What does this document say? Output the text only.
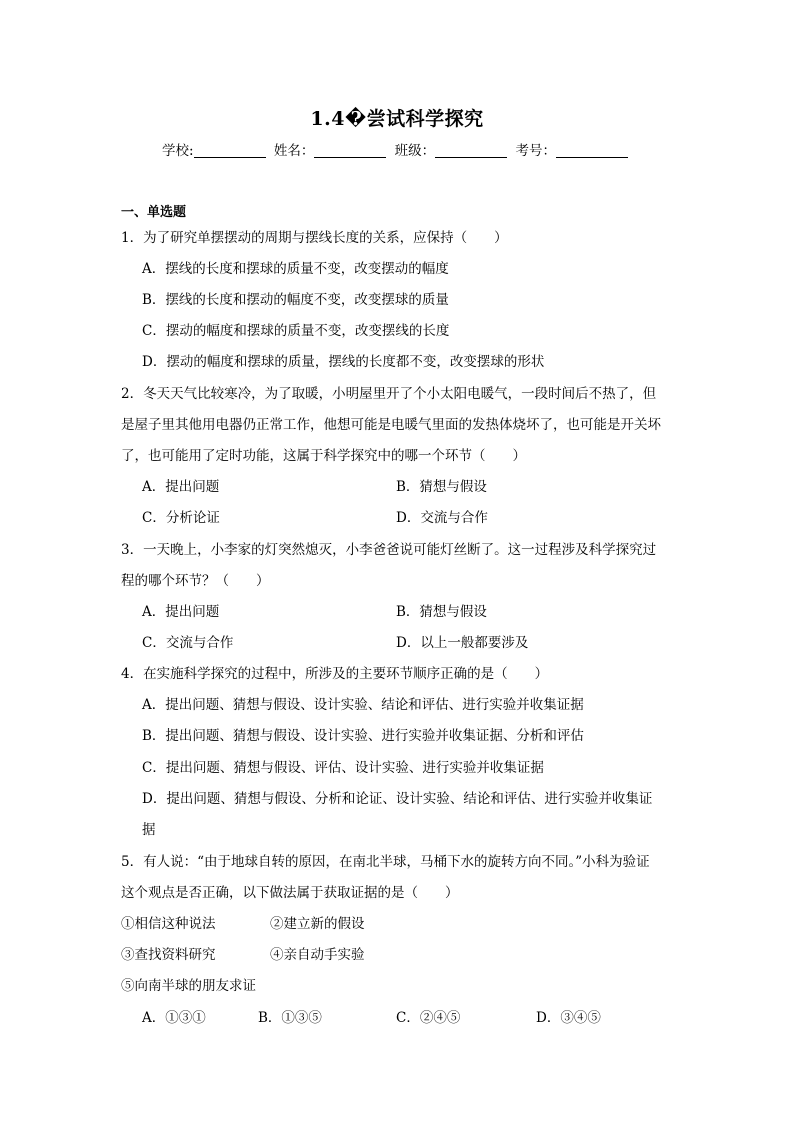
1.4�尝试科学探究
学校:	姓名：	班级：	考号：
一、单选题
1．为了研究单摆摆动的周期与摆线长度的关系，应保持（　　）
A．摆线的长度和摆球的质量不变，改变摆动的幅度
B．摆线的长度和摆动的幅度不变，改变摆球的质量
C．摆动的幅度和摆球的质量不变，改变摆线的长度
D．摆动的幅度和摆球的质量，摆线的长度都不变，改变摆球的形状
2．冬天天气比较寒冷，为了取暖，小明屋里开了个小太阳电暖气，一段时间后不热了，但
是屋子里其他用电器仍正常工作，他想可能是电暖气里面的发热体烧坏了，也可能是开关坏
了，也可能用了定时功能，这属于科学探究中的哪一个环节（　　）
A．提出问题	B．猜想与假设
C．分析论证	D．交流与合作
3．一天晚上，小李家的灯突然熄灭，小李爸爸说可能灯丝断了。这一过程涉及科学探究过
程的哪个环节？（　　）
A．提出问题	B．猜想与假设
C．交流与合作	D．以上一般都要涉及
4．在实施科学探究的过程中，所涉及的主要环节顺序正确的是（　　）
A．提出问题、猜想与假设、设计实验、结论和评估、进行实验并收集证据
B．提出问题、猜想与假设、设计实验、进行实验并收集证据、分析和评估
C．提出问题、猜想与假设、评估、设计实验、进行实验并收集证据
D．提出问题、猜想与假设、分析和论证、设计实验、结论和评估、进行实验并收集证
据
5．有人说：“由于地球自转的原因，在南北半球，马桶下水的旋转方向不同。”小科为验证
这个观点是否正确，以下做法属于获取证据的是（　　）
①相信这种说法	②建立新的假设
③查找资料研究	④亲自动手实验
⑤向南半球的朋友求证
A．①③①	B．①③⑤	C．②④⑤	D．③④⑤
